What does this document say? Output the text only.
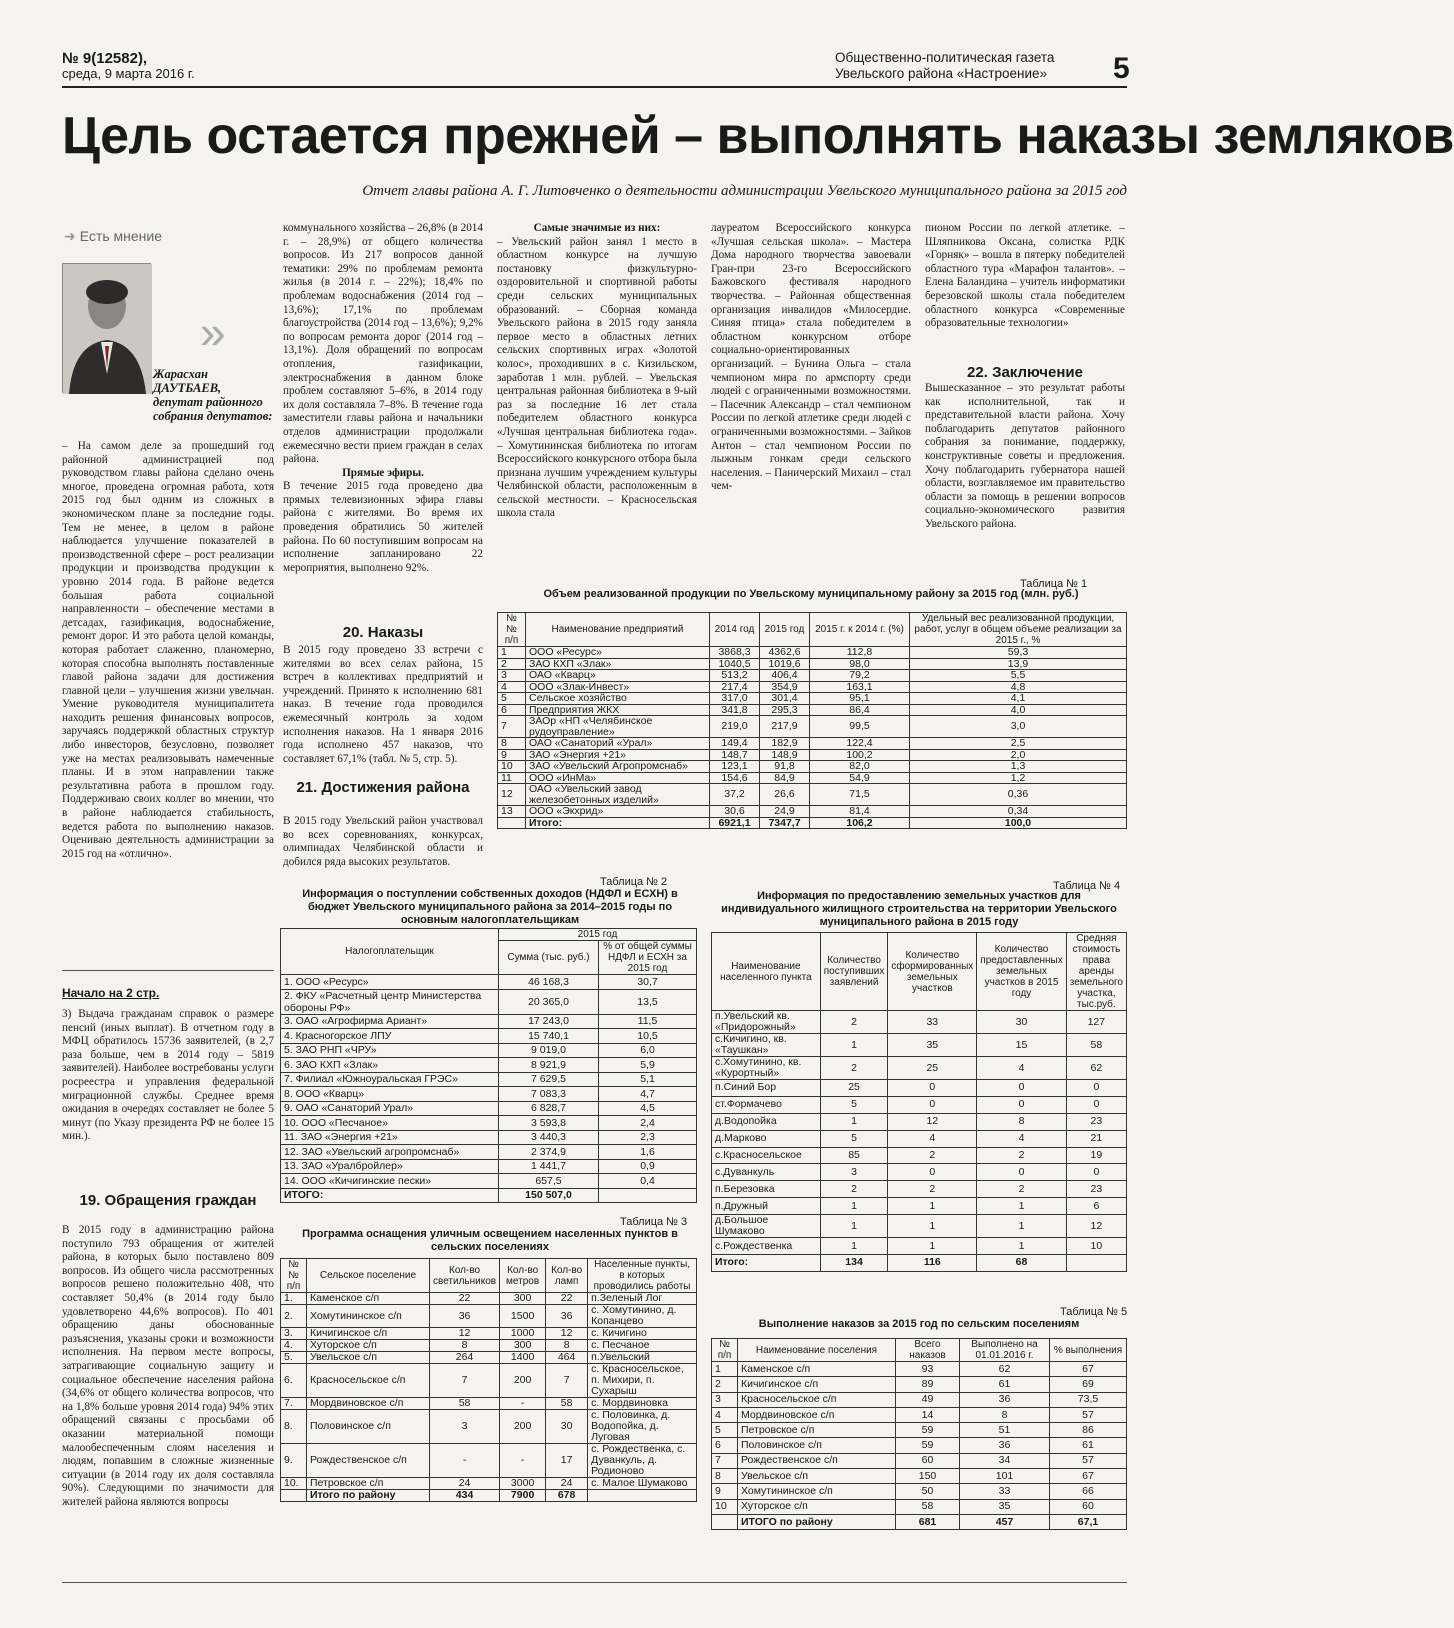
№ 9(12582),
среда, 9 марта 2016 г.
Общественно-политическая газета
Увельского района «Настроение» 5
Цель остается прежней – выполнять наказы земляков
Отчет главы района А. Г. Литовченко о деятельности администрации Увельского муниципального района за 2015 год
➜ Есть мнение
»
Жарасхан ДАУТБАЕВ, депутат районного собрания депутатов:

– На самом деле за прошедший год районной администрацией под руководством главы района сделано очень многое, проведена огромная работа, хотя 2015 год был одним из сложных в экономическом плане за последние годы. Тем не менее, в целом в районе наблюдается улучшение показателей в производственной сфере – рост реализации продукции и производства продукции к уровню 2014 года. В районе ведется большая работа социальной направленности – обеспечение местами в детсадах, газификация, водоснабжение, ремонт дорог. И это работа целой команды, которая работает слаженно, планомерно, которая способна выполнять поставленные главой района задачи для достижения главной цели – улучшения жизни увельчан. Умение руководителя муниципалитета находить решения финансовых вопросов, заручаясь поддержкой областных структур либо инвесторов, безусловно, позволяет уже на местах реализовывать намеченные планы. И в этом направлении также результативна работа в прошлом году. Поддерживаю своих коллег во мнении, что в районе наблюдается стабильность, ведется работа по выполнению наказов. Оцениваю деятельность администрации за 2015 год на «отлично».

Начало на 2 стр.

3) Выдача гражданам справок о размере пенсий (иных выплат). В отчетном году в МФЦ обратилось 15736 заявителей, (в 2,7 раза больше, чем в 2014 году – 5819 заявителей). Наиболее востребованы услуги росреестра и управления федеральной миграционной службы. Среднее время ожидания в очередях составляет не более 5 минут (по Указу президента РФ не более 15 мин.).

19. Обращения граждан

В 2015 году в администрацию района поступило 793 обращения от жителей района, в которых было поставлено 809 вопросов. Из общего числа рассмотренных вопросов решено положительно 408, что составляет 50,4% (в 2014 году было удовлетворено 44,6% вопросов). По 401 обращению даны обоснованные разъяснения, указаны сроки и возможности исполнения. На первом месте вопросы, затрагивающие социальную защиту и социальное обеспечение населения района (34,6% от общего количества вопросов, что на 1,8% больше уровня 2014 года) 94% этих обращений связаны с просьбами об оказании материальной помощи малообеспеченным слоям населения и людям, попавшим в сложные жизненные ситуации (в 2014 году их доля составляла 90%). Следующими по значимости для жителей района являются вопросы

коммунального хозяйства – 26,8% (в 2014 г. – 28,9%) от общего количества вопросов. Из 217 вопросов данной тематики: 29% по проблемам ремонта жилья (в 2014 г. – 22%); 18,4% по проблемам водоснабжения (2014 год – 13,6%); 17,1% по проблемам благоустройства (2014 год – 13,6%); 9,2% по вопросам ремонта дорог (2014 год – 13,1%). Доля обращений по вопросам отопления, газификации, электроснабжения в данном блоке проблем составляют 5–6%, в 2014 году их доля составляла 7–8%. В течение года заместители главы района и начальники отделов администрации продолжали ежемесячно вести прием граждан в селах района.

Прямые эфиры.

В течение 2015 года проведено два прямых телевизионных эфира главы района с жителями. Во время их проведения обратились 50 жителей района. По 60 поступившим вопросам на исполнение запланировано 22 мероприятия, выполнено 92%.

20. Наказы

В 2015 году проведено 33 встречи с жителями во всех селах района, 15 встреч в коллективах предприятий и учреждений. Принято к исполнению 681 наказ. В течение года проводился ежемесячный контроль за ходом исполнения наказов. На 1 января 2016 года исполнено 457 наказов, что составляет 67,1% (табл. № 5, стр. 5).

21. Достижения района

В 2015 году Увельский район участвовал во всех соревнованиях, конкурсах, олимпиадах Челябинской области и добился ряда высоких результатов.

Самые значимые из них:

– Увельский район занял 1 место в областном конкурсе на лучшую постановку физкультурно-оздоровительной и спортивной работы среди сельских муниципальных образований. – Сборная команда Увельского района в 2015 году заняла первое место в областных летних сельских спортивных играх «Золотой колос», проходивших в с. Кизильском, заработав 1 млн. рублей. – Увельская центральная районная библиотека в 9-ый раз за последние 16 лет стала победителем областного конкурса «Лучшая центральная библиотека года». – Хомутининская библиотека по итогам Всероссийского конкурсного отбора была признана лучшим учреждением культуры Челябинской области, расположенным в сельской местности. – Красносельская школа стала

лауреатом Всероссийского конкурса «Лучшая сельская школа». – Мастера Дома народного творчества завоевали Гран-при 23-го Всероссийского Бажовского фестиваля народного творчества. – Районная общественная организация инвалидов «Милосердие. Синяя птица» стала победителем в областном конкурсном отборе социально-ориентированных организаций. – Бунина Ольга – стала чемпионом мира по армспорту среди людей с ограниченными возможностями. – Пасечник Александр – стал чемпионом России по легкой атлетике среди людей с ограниченными возможностями. – Зайков Антон – стал чемпионом России по лыжным гонкам среди сельского населения. – Паничерский Михаил – стал чем-

пионом России по легкой атлетике. – Шляпникова Оксана, солистка РДК «Горняк» – вошла в пятерку победителей областного тура «Марафон талантов». – Елена Баландина – учитель информатики березовской школы стала победителем областного конкурса «Современные образовательные технологии»

22. Заключение

Вышесказанное – это результат работы как исполнительной, так и представительной власти района. Хочу поблагодарить депутатов районного собрания за понимание, поддержку, конструктивные советы и предложения. Хочу поблагодарить губернатора нашей области, возглавляемое им правительство области за помощь в решении вопросов социально-экономического развития Увельского района.

Таблица № 1
Объем реализованной продукции по Увельскому муниципальному району за 2015 год (млн. руб.)
№№ п/п	Наименование предприятий	2014 год	2015 год	2015 г. к 2014 г. (%)	Удельный вес реализованной продукции, работ, услуг в общем объеме реализации за 2015 г., %
1	ООО «Ресурс»	3868,3	4362,6	112,8	59,3
2	ЗАО КХП «Злак»	1040,5	1019,6	98,0	13,9
3	ОАО «Кварц»	513,2	406,4	79,2	5,5
4	ООО «Злак-Инвест»	217,4	354,9	163,1	4,8
5	Сельское хозяйство	317,0	301,4	95,1	4,1
6	Предприятия ЖКХ	341,8	295,3	86,4	4,0
7	ЗАОр «НП «Челябинское рудоуправление»	219,0	217,9	99,5	3,0
8	ОАО «Санаторий «Урал»	149,4	182,9	122,4	2,5
9	ЗАО «Энергия +21»	148,7	148,9	100,2	2,0
10	ЗАО «Увельский Агропромснаб»	123,1	91,8	82,0	1,3
11	ООО «ИнМа»	154,6	84,9	54,9	1,2
12	ОАО «Увельский завод железобетонных изделий»	37,2	26,6	71,5	0,36
13	ООО «Экхрид»	30,6	24,9	81,4	0,34
	Итого:	6921,1	7347,7	106,2	100,0
Таблица № 2
Информация о поступлении собственных доходов (НДФЛ и ЕСХН) в бюджет Увельского муниципального района за 2014–2015 годы по основным налогоплательщикам
Налогоплательщик	2015 год	
	Сумма (тыс. руб.)	% от общей суммы НДФЛ и ЕСХН за 2015 год
1. ООО «Ресурс»	46 168,3	30,7
2. ФКУ «Расчетный центр Министерства обороны РФ»	20 365,0	13,5
3. ОАО «Агрофирма Ариант»	17 243,0	11,5
4. Красногорское ЛПУ	15 740,1	10,5
5. ЗАО РНП «ЧРУ»	9 019,0	6,0
6. ЗАО КХП «Злак»	8 921,9	5,9
7. Филиал «Южноуральская ГРЭС»	7 629,5	5,1
8. ООО «Кварц»	7 083,3	4,7
9. ОАО «Санаторий Урал»	6 828,7	4,5
10. ООО «Песчаное»	3 593,8	2,4
11. ЗАО «Энергия +21»	3 440,3	2,3
12. ЗАО «Увельский агропромснаб»	2 374,9	1,6
13. ЗАО «Уралбройлер»	1 441,7	0,9
14. ООО «Кичигинские пески»	657,5	0,4
ИТОГО:	150 507,0	
Таблица № 3
Программа оснащения уличным освещением населенных пунктов в сельских поселениях
№№ п/п	Сельское поселение	Кол-во светильников	Кол-во метров	Кол-во ламп	Населенные пункты, в которых проводились работы
1.	Каменское с/п	22	300	22	п.Зеленый Лог
2.	Хомутининское с/п	36	1500	36	с. Хомутинино, д. Копанцево
3.	Кичигинское с/п	12	1000	12	с. Кичигино
4.	Хуторское с/п	8	300	8	с. Песчаное
5.	Увельское с/п	264	1400	464	п.Увельский
6.	Красносельское с/п	7	200	7	с. Красносельское, п. Михири, п. Сухарыш
7.	Мордвиновское с/п	58	-	58	с. Мордвиновка
8.	Половинское с/п	3	200	30	с. Половинка, д. Водопойка, д. Луговая
9.	Рождественское с/п	-	-	17	с. Рождественка, с. Дуванкуль, д. Родионово
10.	Петровское с/п	24	3000	24	с. Малое Шумаково
	Итого по району	434	7900	678	
Таблица № 4
Информация по предоставлению земельных участков для индивидуального жилищного строительства на территории Увельского муниципального района в 2015 году
Наименование населенного пункта	Количество поступивших заявлений	Количество сформированных земельных участков	Количество предоставленных земельных участков в 2015 году	Средняя стоимость права аренды земельного участка, тыс.руб.
п.Увельский кв. «Придорожный»	2	33	30	127
с.Кичигино, кв. «Таушкан»	1	35	15	58
с.Хомутинино, кв. «Курортный»	2	25	4	62
п.Синий Бор	25	0	0	0
ст.Формачево	5	0	0	0
д.Водопойка	1	12	8	23
д.Марково	5	4	4	21
с.Красносельское	85	2	2	19
с.Дуванкуль	3	0	0	0
п.Березовка	2	2	2	23
п.Дружный	1	1	1	6
д.Большое Шумаково	1	1	1	12
с.Рождественка	1	1	1	10
Итого:	134	116	68	
Таблица № 5
Выполнение наказов за 2015 год по сельским поселениям
№ п/п	Наименование поселения	Всего наказов	Выполнено на 01.01.2016 г.	% выполнения
1	Каменское с/п	93	62	67
2	Кичигинское с/п	89	61	69
3	Красносельское с/п	49	36	73,5
4	Мордвиновское с/п	14	8	57
5	Петровское с/п	59	51	86
6	Половинское с/п	59	36	61
7	Рождественское с/п	60	34	57
8	Увельское с/п	150	101	67
9	Хомутининское с/п	50	33	66
10	Хуторское с/п	58	35	60
	ИТОГО по району	681	457	67,1
